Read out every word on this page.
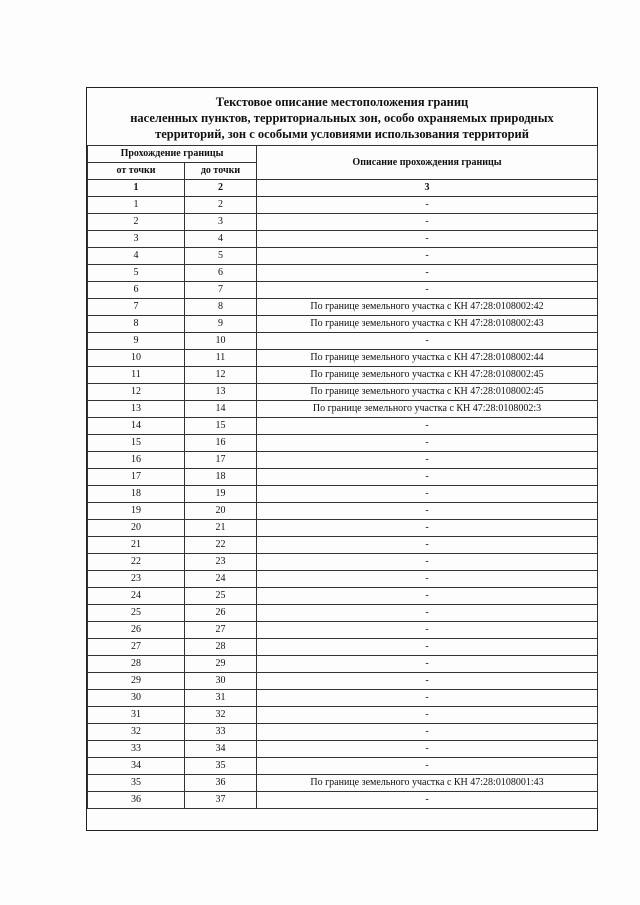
Текстовое описание местоположения границ
населенных пунктов, территориальных зон, особо охраняемых природных
территорий, зон с особыми условиями использования территорий
Прохождение границы		Описание прохождения границы
от точки	до точки	
1	2	3
1	2	-
2	3	-
3	4	-
4	5	-
5	6	-
6	7	-
7	8	По границе земельного участка с КН 47:28:0108002:42
8	9	По границе земельного участка с КН 47:28:0108002:43
9	10	-
10	11	По границе земельного участка с КН 47:28:0108002:44
11	12	По границе земельного участка с КН 47:28:0108002:45
12	13	По границе земельного участка с КН 47:28:0108002:45
13	14	По границе земельного участка с КН 47:28:0108002:3
14	15	-
15	16	-
16	17	-
17	18	-
18	19	-
19	20	-
20	21	-
21	22	-
22	23	-
23	24	-
24	25	-
25	26	-
26	27	-
27	28	-
28	29	-
29	30	-
30	31	-
31	32	-
32	33	-
33	34	-
34	35	-
35	36	По границе земельного участка с КН 47:28:0108001:43
36	37	-
